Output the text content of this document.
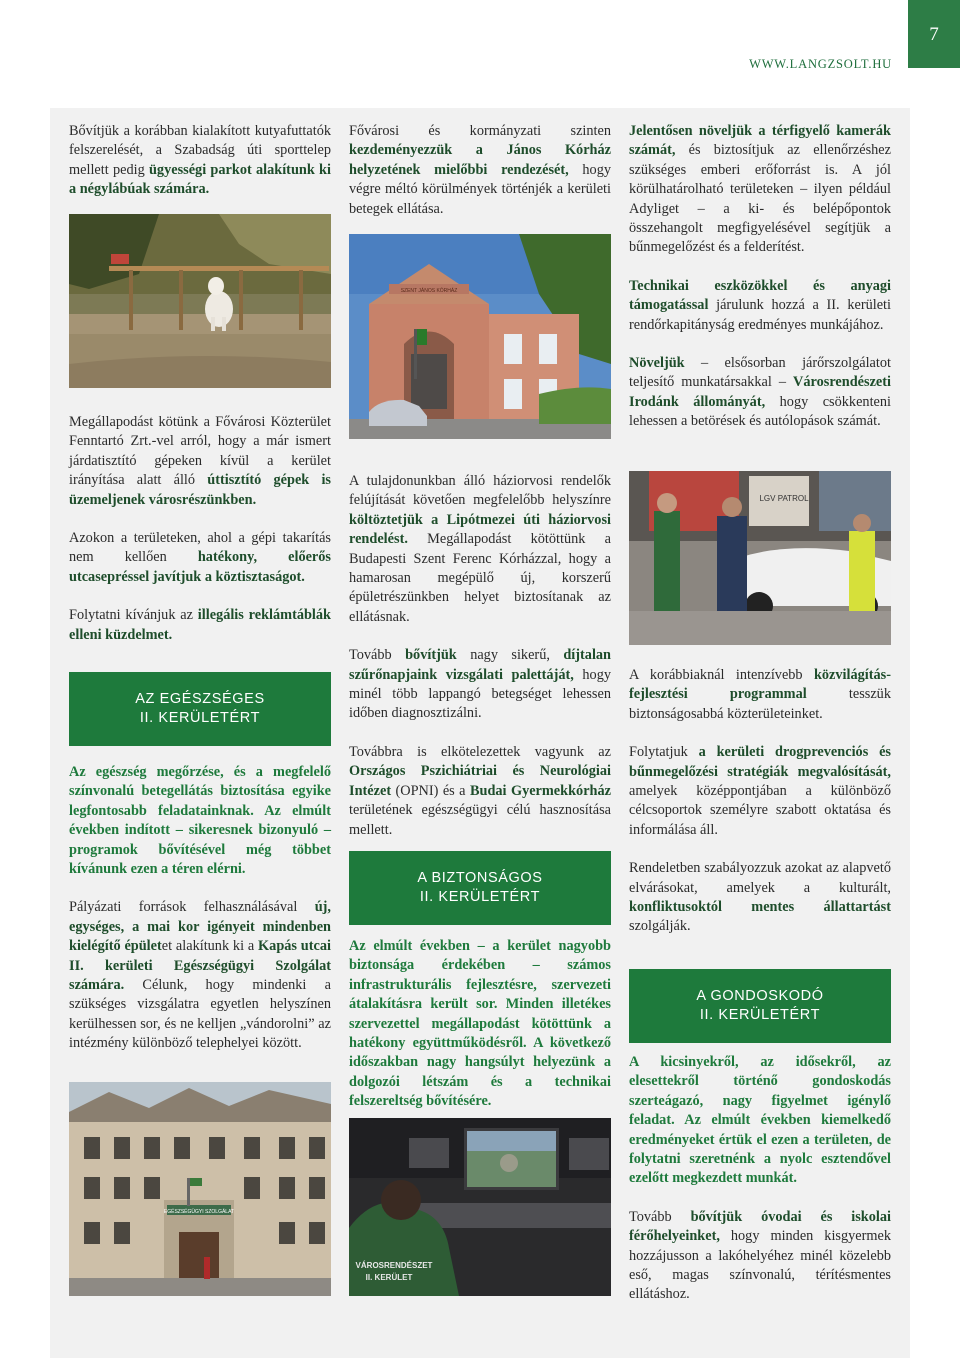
WWW.LANGZSOLT.HU
7

Bővítjük a korábban kialakított kutyafuttatók felszerelését, a Szabadság úti sporttelep mellett pedig ügyességi parkot alakítunk ki a négylábúak számára.

Megállapodást kötünk a Fővárosi Közterület Fenntartó Zrt.-vel arról, hogy a már ismert járdatisztító gépeken kívül a kerület irányítása alatt álló úttisztító gépek is üzemeljenek városrészünkben.

Azokon a területeken, ahol a gépi takarítás nem kellően hatékony, előerős utcasepréssel javítjuk a köztisztaságot.

Folytatni kívánjuk az illegális reklámtáblák elleni küzdelmet.

AZ EGÉSZSÉGES
II. KERÜLETÉRT

Az egészség megőrzése, és a megfelelő színvonalú betegellátás biztosítása egyike legfontosabb feladatainknak. Az elmúlt években indított – sikeresnek bizonyuló – programok bővítésével még többet kívánunk ezen a téren elérni.

Pályázati források felhasználásával új, egységes, a mai kor igényeit mindenben kielégítő épületet alakítunk ki a Kapás utcai II. kerületi Egészségügyi Szolgálat számára. Célunk, hogy mindenki a szükséges vizsgálatra egyetlen helyszínen kerülhessen sor, és ne kelljen „vándorolni” az intézmény különböző telephelyei között.

EGÉSZSÉGÜGYI SZOLGÁLAT

Fővárosi és kormányzati szinten kezdeményezzük a János Kórház helyzetének mielőbbi rendezését, hogy végre méltó körülmények történjék a kerületi betegek ellátása.

SZENT JÁNOS KÓRHÁZ

A tulajdonunkban álló háziorvosi rendelők felújítását követően megfelelőbb helyszínre költöztetjük a Lipótmezei úti háziorvosi rendelést. Megállapodást kötöttünk a Budapesti Szent Ferenc Kórházzal, hogy a hamarosan megépülő új, korszerű épületrészünkben helyet biztosítanak az ellátásnak.

Tovább bővítjük nagy sikerű, díjtalan szűrőnapjaink vizsgálati palettáját, hogy minél több lappangó betegséget lehessen időben diagnosztizálni.

Továbbra is elkötelezettek vagyunk az Országos Pszichiátriai és Neurológiai Intézet (OPNI) és a Budai Gyermekkórház területének egészségügyi célú hasznosítása mellett.

A BIZTONSÁGOS
II. KERÜLETÉRT

Az elmúlt években – a kerület nagyobb biztonsága érdekében – számos infrastrukturális fejlesztésre, szervezeti átalakításra került sor. Minden illetékes szervezettel megállapodást kötöttünk a hatékony együttműködésről. A következő időszakban nagy hangsúlyt helyezünk a dolgozói létszám és a technikai felszereltség bővítésére.

VÁROSRENDÉSZET
II. KERÜLET

Jelentősen növeljük a térfigyelő kamerák számát, és biztosítjuk az ellenőrzéshez szükséges emberi erőforrást is. A jól körülhatárolható területeken – ilyen például Adyliget – a ki- és belépőpontok összehangolt megfigyelésével segítjük a bűnmegelőzést és a felderítést.

Technikai eszközökkel és anyagi támogatással járulunk hozzá a II. kerületi rendőrkapitányság eredményes munkájához.

Növeljük – elsősorban járőrszolgálatot teljesítő munkatársakkal – Városrendészeti Irodánk állományát, hogy csökkenteni lehessen a betörések és autólopások számát.

LGV PATROL

A korábbiaknál intenzívebb közvilágítás-fejlesztési programmal tesszük biztonságosabbá közterületeinket.

Folytatjuk a kerületi drogprevenciós és bűnmegelőzési stratégiák megvalósítását, amelyek középpontjában a különböző célcsoportok személyre szabott oktatása és informálása áll.

Rendeletben szabályozzuk azokat az alapvető elvárásokat, amelyek a kulturált, konfliktusoktól mentes állattartást szolgálják.

A GONDOSKODÓ
II. KERÜLETÉRT

A kicsinyekről, az idősekről, az elesettekről történő gondoskodás szerteágazó, nagy figyelmet igénylő feladat. Az elmúlt években kiemelkedő eredményeket értük el ezen a területen, de folytatni szeretnénk a nyolc esztendővel ezelőtt megkezdett munkát.

Tovább bővítjük óvodai és iskolai férőhelyeinket, hogy minden kisgyermek hozzájusson a lakóhelyéhez minél közelebb eső, magas színvonalú, térítésmentes ellátáshoz.
